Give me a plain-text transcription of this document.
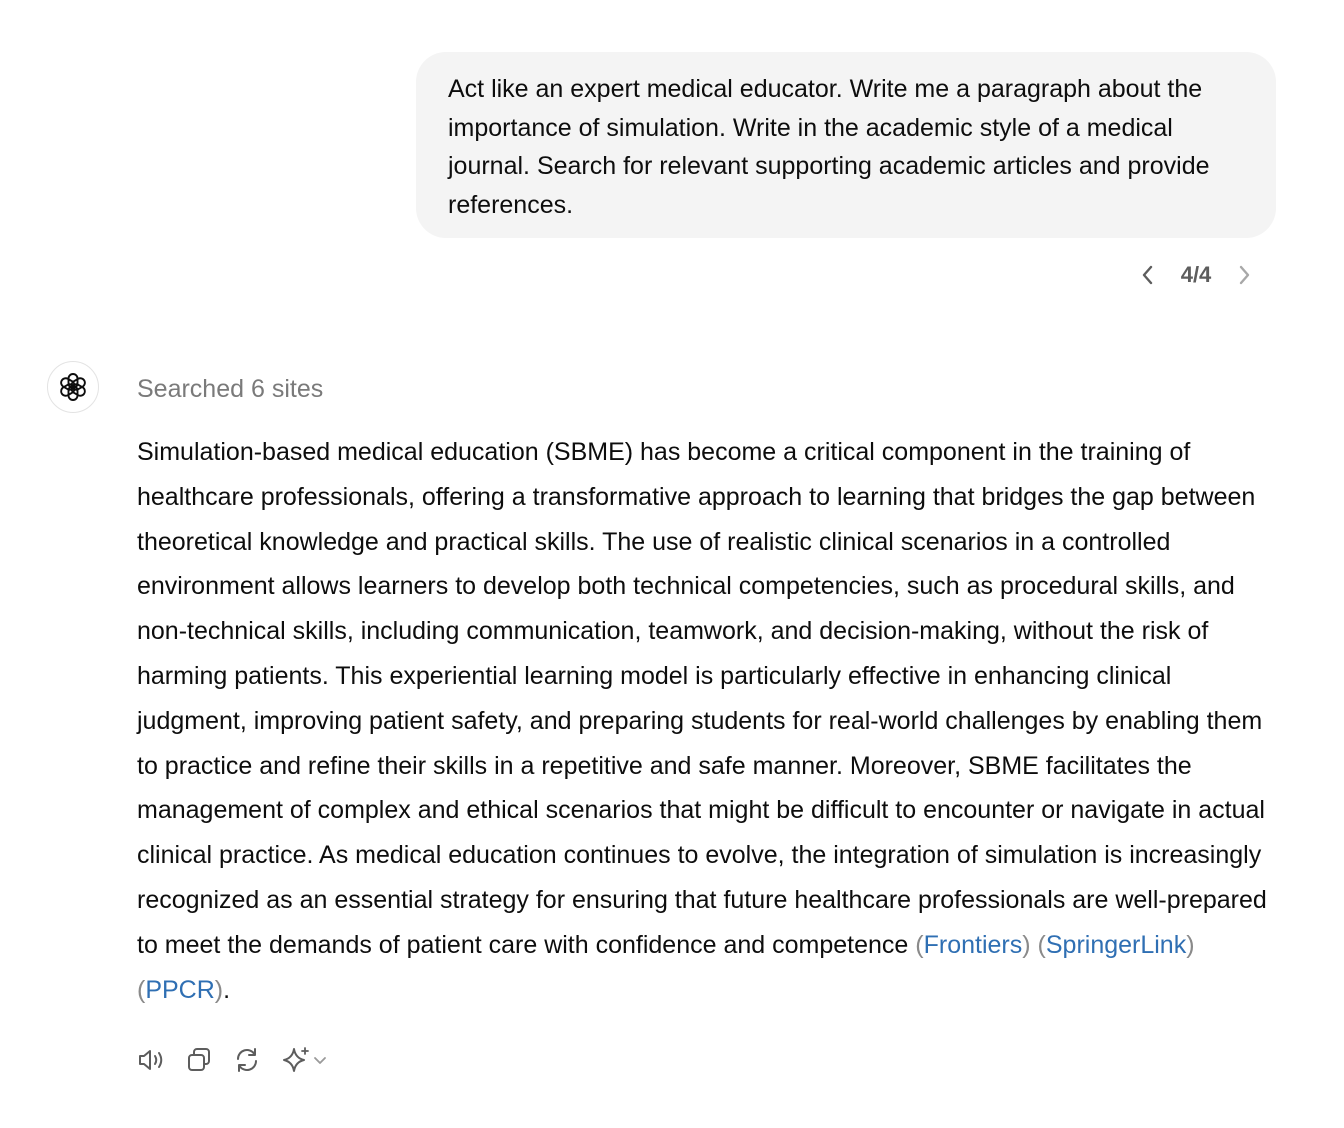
Act like an expert medical educator. Write me a paragraph about the importance of simulation. Write in the academic style of a medical journal. Search for relevant supporting academic articles and provide references.
4/4
Searched 6 sites

Simulation-based medical education (SBME) has become a critical component in the training of healthcare professionals, offering a transformative approach to learning that bridges the gap between theoretical knowledge and practical skills. The use of realistic clinical scenarios in a controlled environment allows learners to develop both technical competencies, such as procedural skills, and non-technical skills, including communication, teamwork, and decision-making, without the risk of harming patients. This experiential learning model is particularly effective in enhancing clinical judgment, improving patient safety, and preparing students for real-world challenges by enabling them to practice and refine their skills in a repetitive and safe manner. Moreover, SBME facilitates the management of complex and ethical scenarios that might be difficult to encounter or navigate in actual clinical practice. As medical education continues to evolve, the integration of simulation is increasingly recognized as an essential strategy for ensuring that future healthcare professionals are well-prepared to meet the demands of patient care with confidence and competence (Frontiers) (SpringerLink) (PPCR).
